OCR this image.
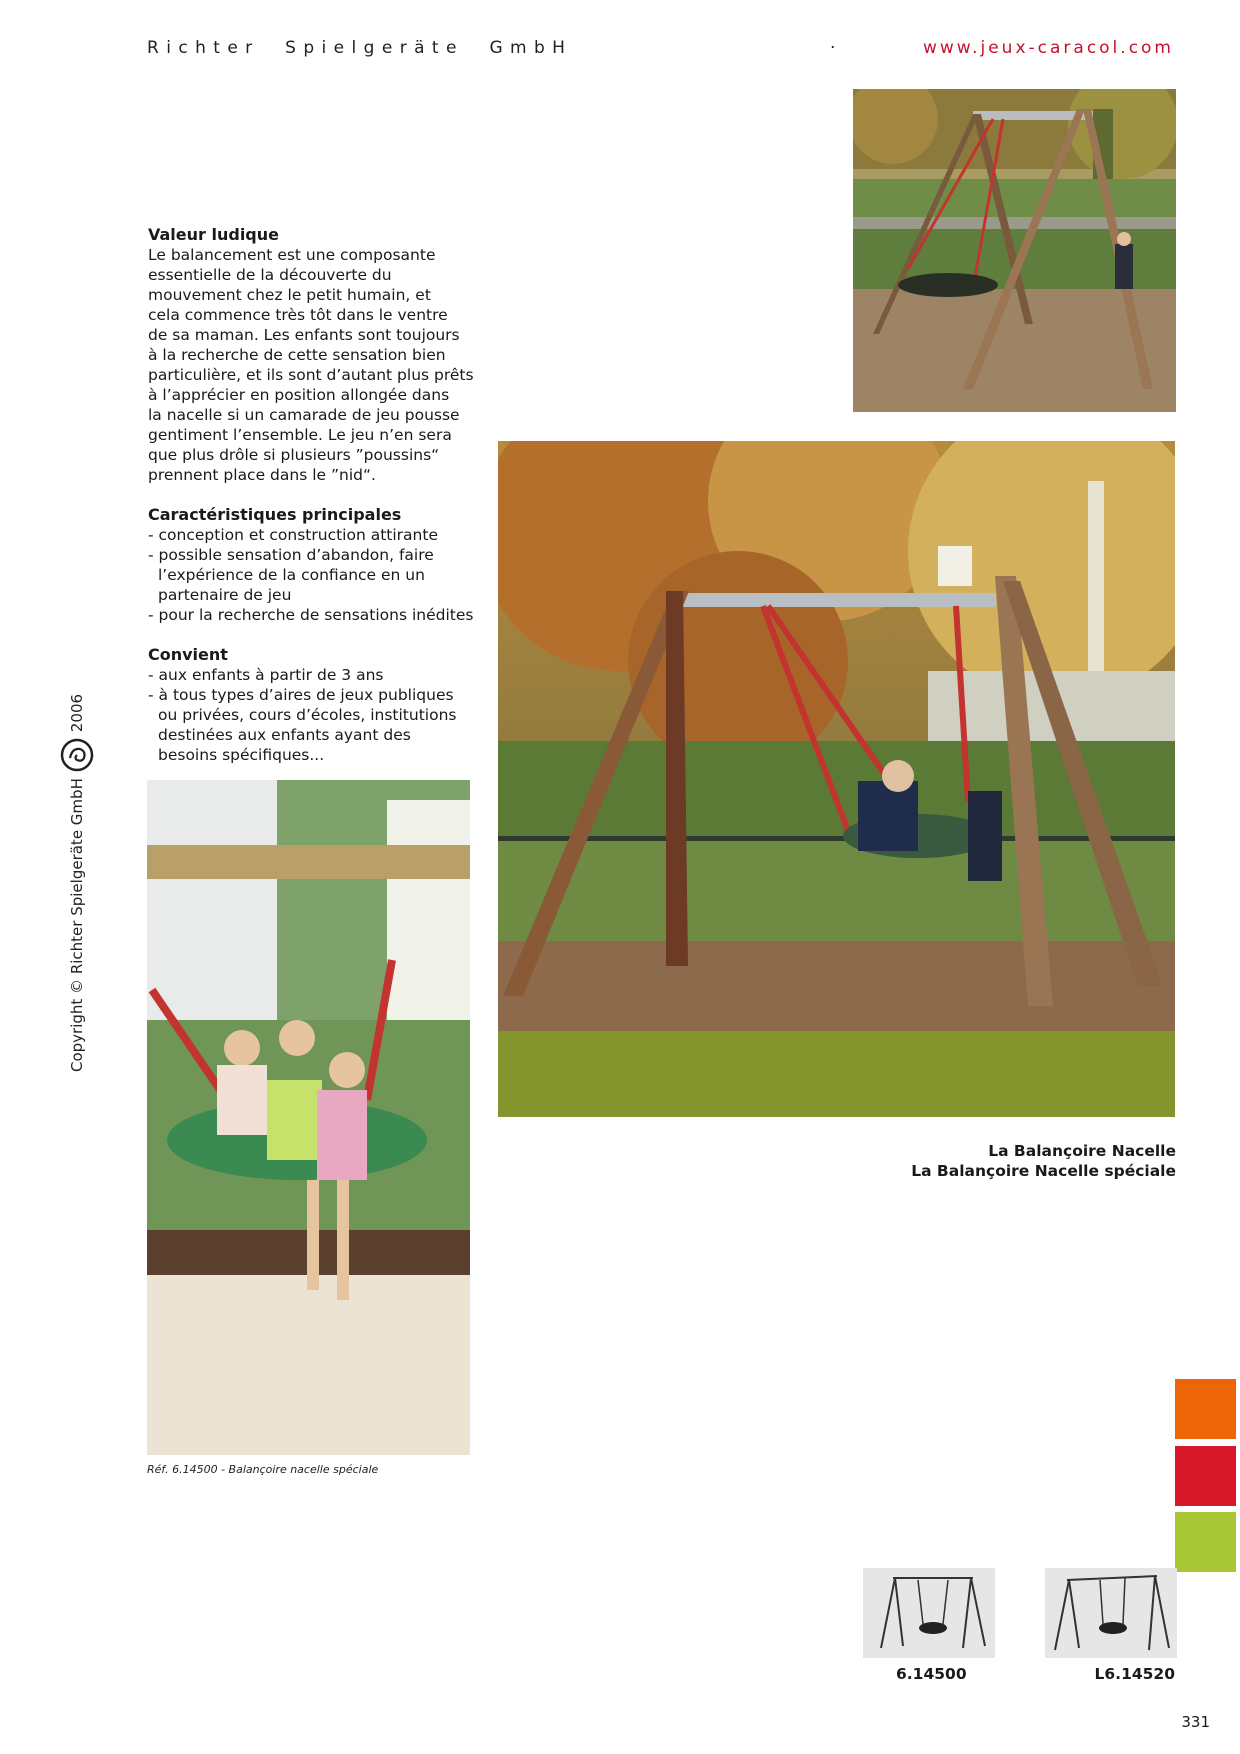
Richter  Spielgeräte  GmbH	·	www.jeux-caracol.com
Valeur ludique
Le balancement est une composante
essentielle de la découverte du
mouvement chez le petit humain, et
cela commence très tôt dans le ventre
de sa maman. Les enfants sont toujours
à la recherche de cette sensation bien
particulière, et ils sont d’autant plus prêts
à l’apprécier en position allongée dans
la nacelle si un camarade de jeu pousse
gentiment l’ensemble. Le jeu n’en sera
que plus drôle si plusieurs ”poussins“
prennent place dans le ”nid“.
Caractéristiques principales
- conception et construction attirante
- possible sensation d’abandon, faire l’expérience de la confiance en un partenaire de jeu
- pour la recherche de sensations inédites
Convient
- aux enfants à partir de 3 ans
- à tous types d’aires de jeux publiques ou privées, cours d’écoles, institutions destinées aux enfants ayant des besoins spécifiques...
Copyright © Richter Spielgeräte GmbH
2006
La Balançoire Nacelle
La Balançoire Nacelle spéciale
Réf. 6.14500 - Balançoire nacelle spéciale
6.14500	L6.14520
331
